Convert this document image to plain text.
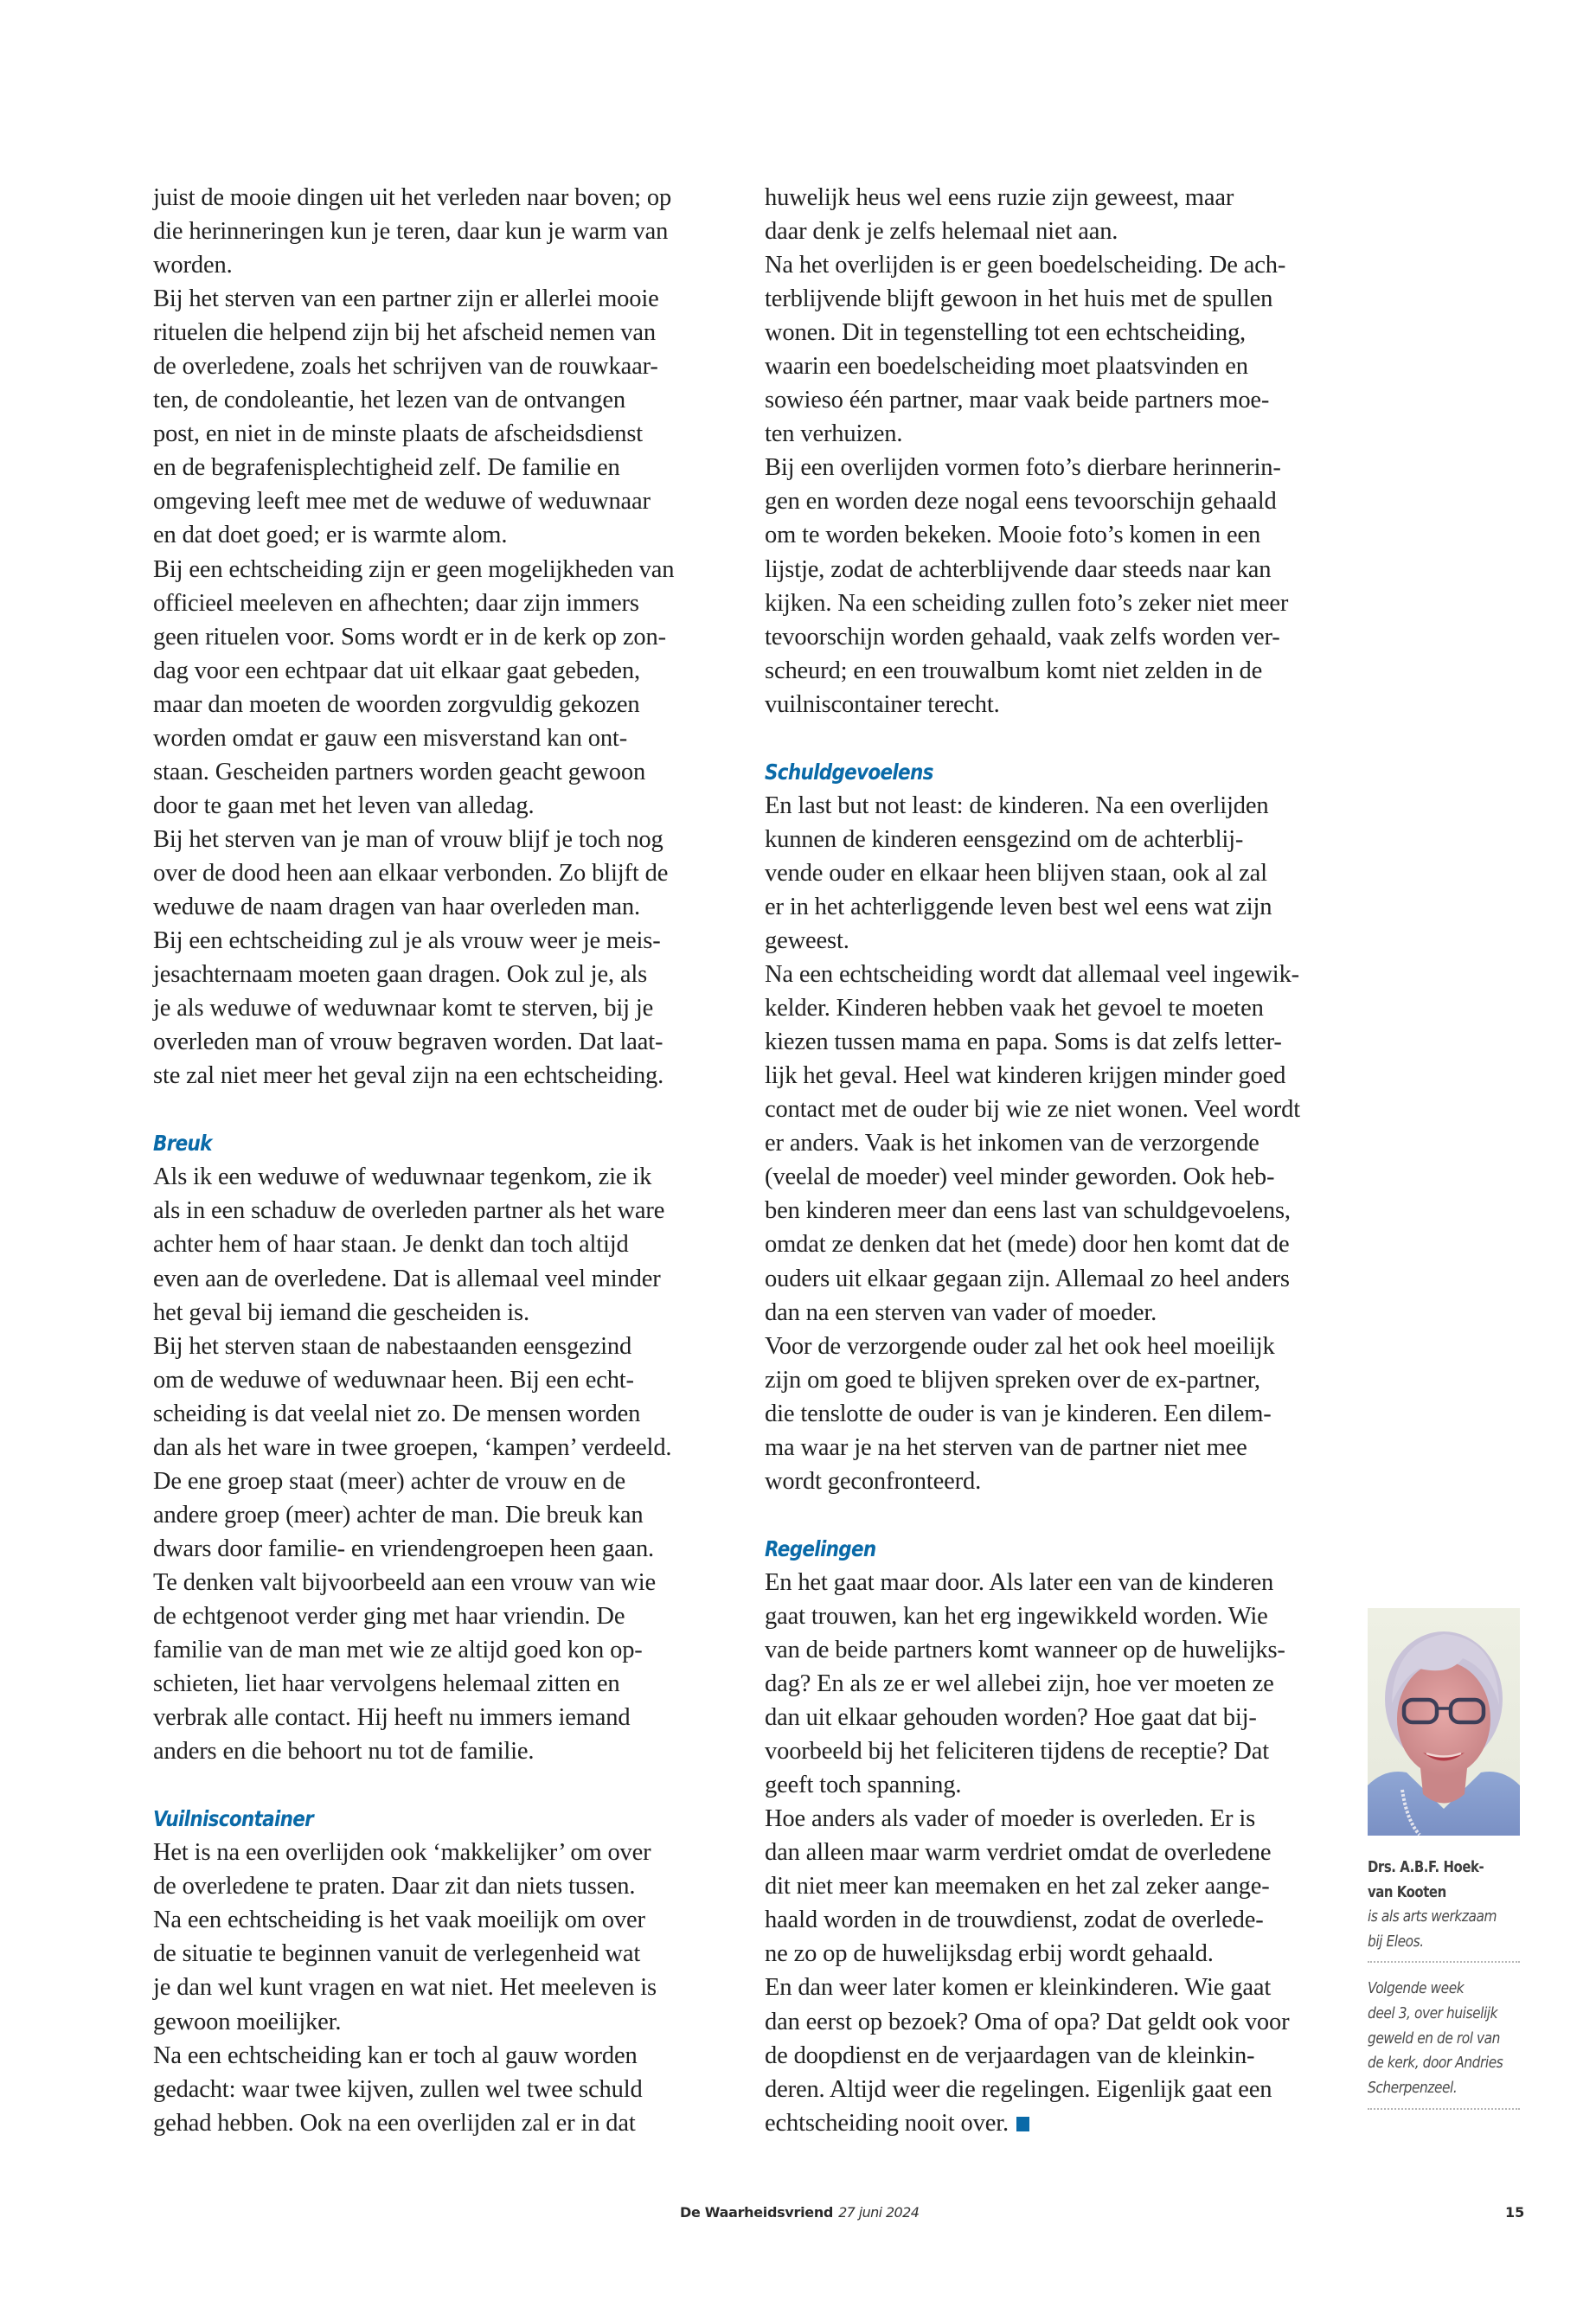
juist de mooie dingen uit het verleden naar boven; op
die herinneringen kun je teren, daar kun je warm van
worden.
Bij het sterven van een partner zijn er allerlei mooie
rituelen die helpend zijn bij het afscheid nemen van
de overledene, zoals het schrijven van de rouwkaar-
ten, de condoleantie, het lezen van de ontvangen
post, en niet in de minste plaats de afscheidsdienst
en de begrafenisplechtigheid zelf. De familie en
omgeving leeft mee met de weduwe of weduwnaar
en dat doet goed; er is warmte alom.
Bij een echtscheiding zijn er geen mogelijkheden van
officieel meeleven en afhechten; daar zijn immers
geen rituelen voor. Soms wordt er in de kerk op zon-
dag voor een echtpaar dat uit elkaar gaat gebeden,
maar dan moeten de woorden zorgvuldig gekozen
worden omdat er gauw een misverstand kan ont-
staan. Gescheiden partners worden geacht gewoon
door te gaan met het leven van alledag.
Bij het sterven van je man of vrouw blijf je toch nog
over de dood heen aan elkaar verbonden. Zo blijft de
weduwe de naam dragen van haar overleden man.
Bij een echtscheiding zul je als vrouw weer je meis-
jesachternaam moeten gaan dragen. Ook zul je, als
je als weduwe of weduwnaar komt te sterven, bij je
overleden man of vrouw begraven worden. Dat laat-
ste zal niet meer het geval zijn na een echtscheiding.
Breuk
Als ik een weduwe of weduwnaar tegenkom, zie ik
als in een schaduw de overleden partner als het ware
achter hem of haar staan. Je denkt dan toch altijd
even aan de overledene. Dat is allemaal veel minder
het geval bij iemand die gescheiden is.
Bij het sterven staan de nabestaanden eensgezind
om de weduwe of weduwnaar heen. Bij een echt-
scheiding is dat veelal niet zo. De mensen worden
dan als het ware in twee groepen, ‘kampen’ verdeeld.
De ene groep staat (meer) achter de vrouw en de
andere groep (meer) achter de man. Die breuk kan
dwars door familie- en vriendengroepen heen gaan.
Te denken valt bijvoorbeeld aan een vrouw van wie
de echtgenoot verder ging met haar vriendin. De
familie van de man met wie ze altijd goed kon op-
schieten, liet haar vervolgens helemaal zitten en
verbrak alle contact. Hij heeft nu immers iemand
anders en die behoort nu tot de familie.
Vuilniscontainer
Het is na een overlijden ook ‘makkelijker’ om over
de overledene te praten. Daar zit dan niets tussen.
Na een echtscheiding is het vaak moeilijk om over
de situatie te beginnen vanuit de verlegenheid wat
je dan wel kunt vragen en wat niet. Het meeleven is
gewoon moeilijker.
Na een echtscheiding kan er toch al gauw worden
gedacht: waar twee kijven, zullen wel twee schuld
gehad hebben. Ook na een overlijden zal er in dat
huwelijk heus wel eens ruzie zijn geweest, maar
daar denk je zelfs helemaal niet aan.
Na het overlijden is er geen boedelscheiding. De ach-
terblijvende blijft gewoon in het huis met de spullen
wonen. Dit in tegenstelling tot een echtscheiding,
waarin een boedelscheiding moet plaatsvinden en
sowieso één partner, maar vaak beide partners moe-
ten verhuizen.
Bij een overlijden vormen foto’s dierbare herinnerin-
gen en worden deze nogal eens tevoorschijn gehaald
om te worden bekeken. Mooie foto’s komen in een
lijstje, zodat de achterblijvende daar steeds naar kan
kijken. Na een scheiding zullen foto’s zeker niet meer
tevoorschijn worden gehaald, vaak zelfs worden ver-
scheurd; en een trouwalbum komt niet zelden in de
vuilniscontainer terecht.
Schuldgevoelens
En last but not least: de kinderen. Na een overlijden
kunnen de kinderen eensgezind om de achterblij-
vende ouder en elkaar heen blijven staan, ook al zal
er in het achterliggende leven best wel eens wat zijn
geweest.
Na een echtscheiding wordt dat allemaal veel ingewik-
kelder. Kinderen hebben vaak het gevoel te moeten
kiezen tussen mama en papa. Soms is dat zelfs letter-
lijk het geval. Heel wat kinderen krijgen minder goed
contact met de ouder bij wie ze niet wonen. Veel wordt
er anders. Vaak is het inkomen van de verzorgende
(veelal de moeder) veel minder geworden. Ook heb-
ben kinderen meer dan eens last van schuldgevoelens,
omdat ze denken dat het (mede) door hen komt dat de
ouders uit elkaar gegaan zijn. Allemaal zo heel anders
dan na een sterven van vader of moeder.
Voor de verzorgende ouder zal het ook heel moeilijk
zijn om goed te blijven spreken over de ex-partner,
die tenslotte de ouder is van je kinderen. Een dilem-
ma waar je na het sterven van de partner niet mee
wordt geconfronteerd.
Regelingen
En het gaat maar door. Als later een van de kinderen
gaat trouwen, kan het erg ingewikkeld worden. Wie
van de beide partners komt wanneer op de huwelijks-
dag? En als ze er wel allebei zijn, hoe ver moeten ze
dan uit elkaar gehouden worden? Hoe gaat dat bij-
voorbeeld bij het feliciteren tijdens de receptie? Dat
geeft toch spanning.
Hoe anders als vader of moeder is overleden. Er is
dan alleen maar warm verdriet omdat de overledene
dit niet meer kan meemaken en het zal zeker aange-
haald worden in de trouwdienst, zodat de overlede-
ne zo op de huwelijksdag erbij wordt gehaald.
En dan weer later komen er kleinkinderen. Wie gaat
dan eerst op bezoek? Oma of opa? Dat geldt ook voor
de doopdienst en de verjaardagen van de kleinkin-
deren. Altijd weer die regelingen. Eigenlijk gaat een
echtscheiding nooit over.
Drs. A.B.F. Hoek-
van Kooten
is als arts werkzaam
bij Eleos.
Volgende week
deel 3, over huiselijk
geweld en de rol van
de kerk, door Andries
Scherpenzeel.
De Waarheidsvriend 27 juni 2024	15
